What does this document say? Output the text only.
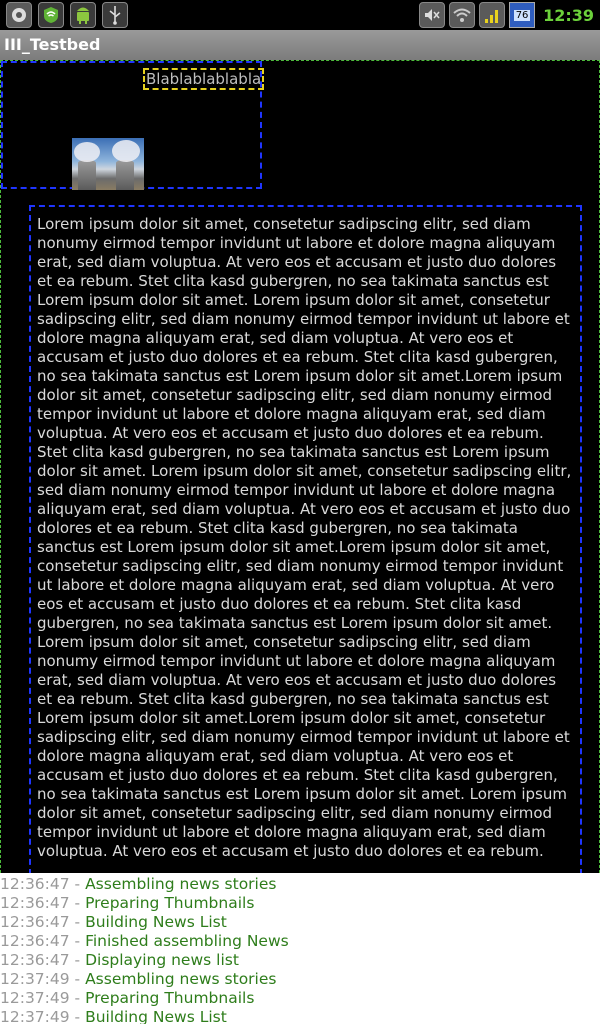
76 12:39
III_Testbed
Blablablablabla
Lorem ipsum dolor sit amet, consetetur sadipscing elitr, sed diam nonumy eirmod tempor invidunt ut labore et dolore magna aliquyam erat, sed diam voluptua. At vero eos et accusam et justo duo dolores et ea rebum. Stet clita kasd gubergren, no sea takimata sanctus est Lorem ipsum dolor sit amet. Lorem ipsum dolor sit amet, consetetur sadipscing elitr, sed diam nonumy eirmod tempor invidunt ut labore et dolore magna aliquyam erat, sed diam voluptua. At vero eos et accusam et justo duo dolores et ea rebum. Stet clita kasd gubergren, no sea takimata sanctus est Lorem ipsum dolor sit amet.Lorem ipsum dolor sit amet, consetetur sadipscing elitr, sed diam nonumy eirmod tempor invidunt ut labore et dolore magna aliquyam erat, sed diam voluptua. At vero eos et accusam et justo duo dolores et ea rebum. Stet clita kasd gubergren, no sea takimata sanctus est Lorem ipsum dolor sit amet. Lorem ipsum dolor sit amet, consetetur sadipscing elitr, sed diam nonumy eirmod tempor invidunt ut labore et dolore magna aliquyam erat, sed diam voluptua. At vero eos et accusam et justo duo dolores et ea rebum. Stet clita kasd gubergren, no sea takimata sanctus est Lorem ipsum dolor sit amet.Lorem ipsum dolor sit amet, consetetur sadipscing elitr, sed diam nonumy eirmod tempor invidunt ut labore et dolore magna aliquyam erat, sed diam voluptua. At vero eos et accusam et justo duo dolores et ea rebum. Stet clita kasd gubergren, no sea takimata sanctus est Lorem ipsum dolor sit amet. Lorem ipsum dolor sit amet, consetetur sadipscing elitr, sed diam nonumy eirmod tempor invidunt ut labore et dolore magna aliquyam erat, sed diam voluptua. At vero eos et accusam et justo duo dolores et ea rebum. Stet clita kasd gubergren, no sea takimata sanctus est Lorem ipsum dolor sit amet.Lorem ipsum dolor sit amet, consetetur sadipscing elitr, sed diam nonumy eirmod tempor invidunt ut labore et dolore magna aliquyam erat, sed diam voluptua. At vero eos et accusam et justo duo dolores et ea rebum. Stet clita kasd gubergren, no sea takimata sanctus est Lorem ipsum dolor sit amet. Lorem ipsum dolor sit amet, consetetur sadipscing elitr, sed diam nonumy eirmod tempor invidunt ut labore et dolore magna aliquyam erat, sed diam voluptua. At vero eos et accusam et justo duo dolores et ea rebum.
12:36:47 - Assembling news stories
12:36:47 - Preparing Thumbnails
12:36:47 - Building News List
12:36:47 - Finished assembling News
12:36:47 - Displaying news list
12:37:49 - Assembling news stories
12:37:49 - Preparing Thumbnails
12:37:49 - Building News List
